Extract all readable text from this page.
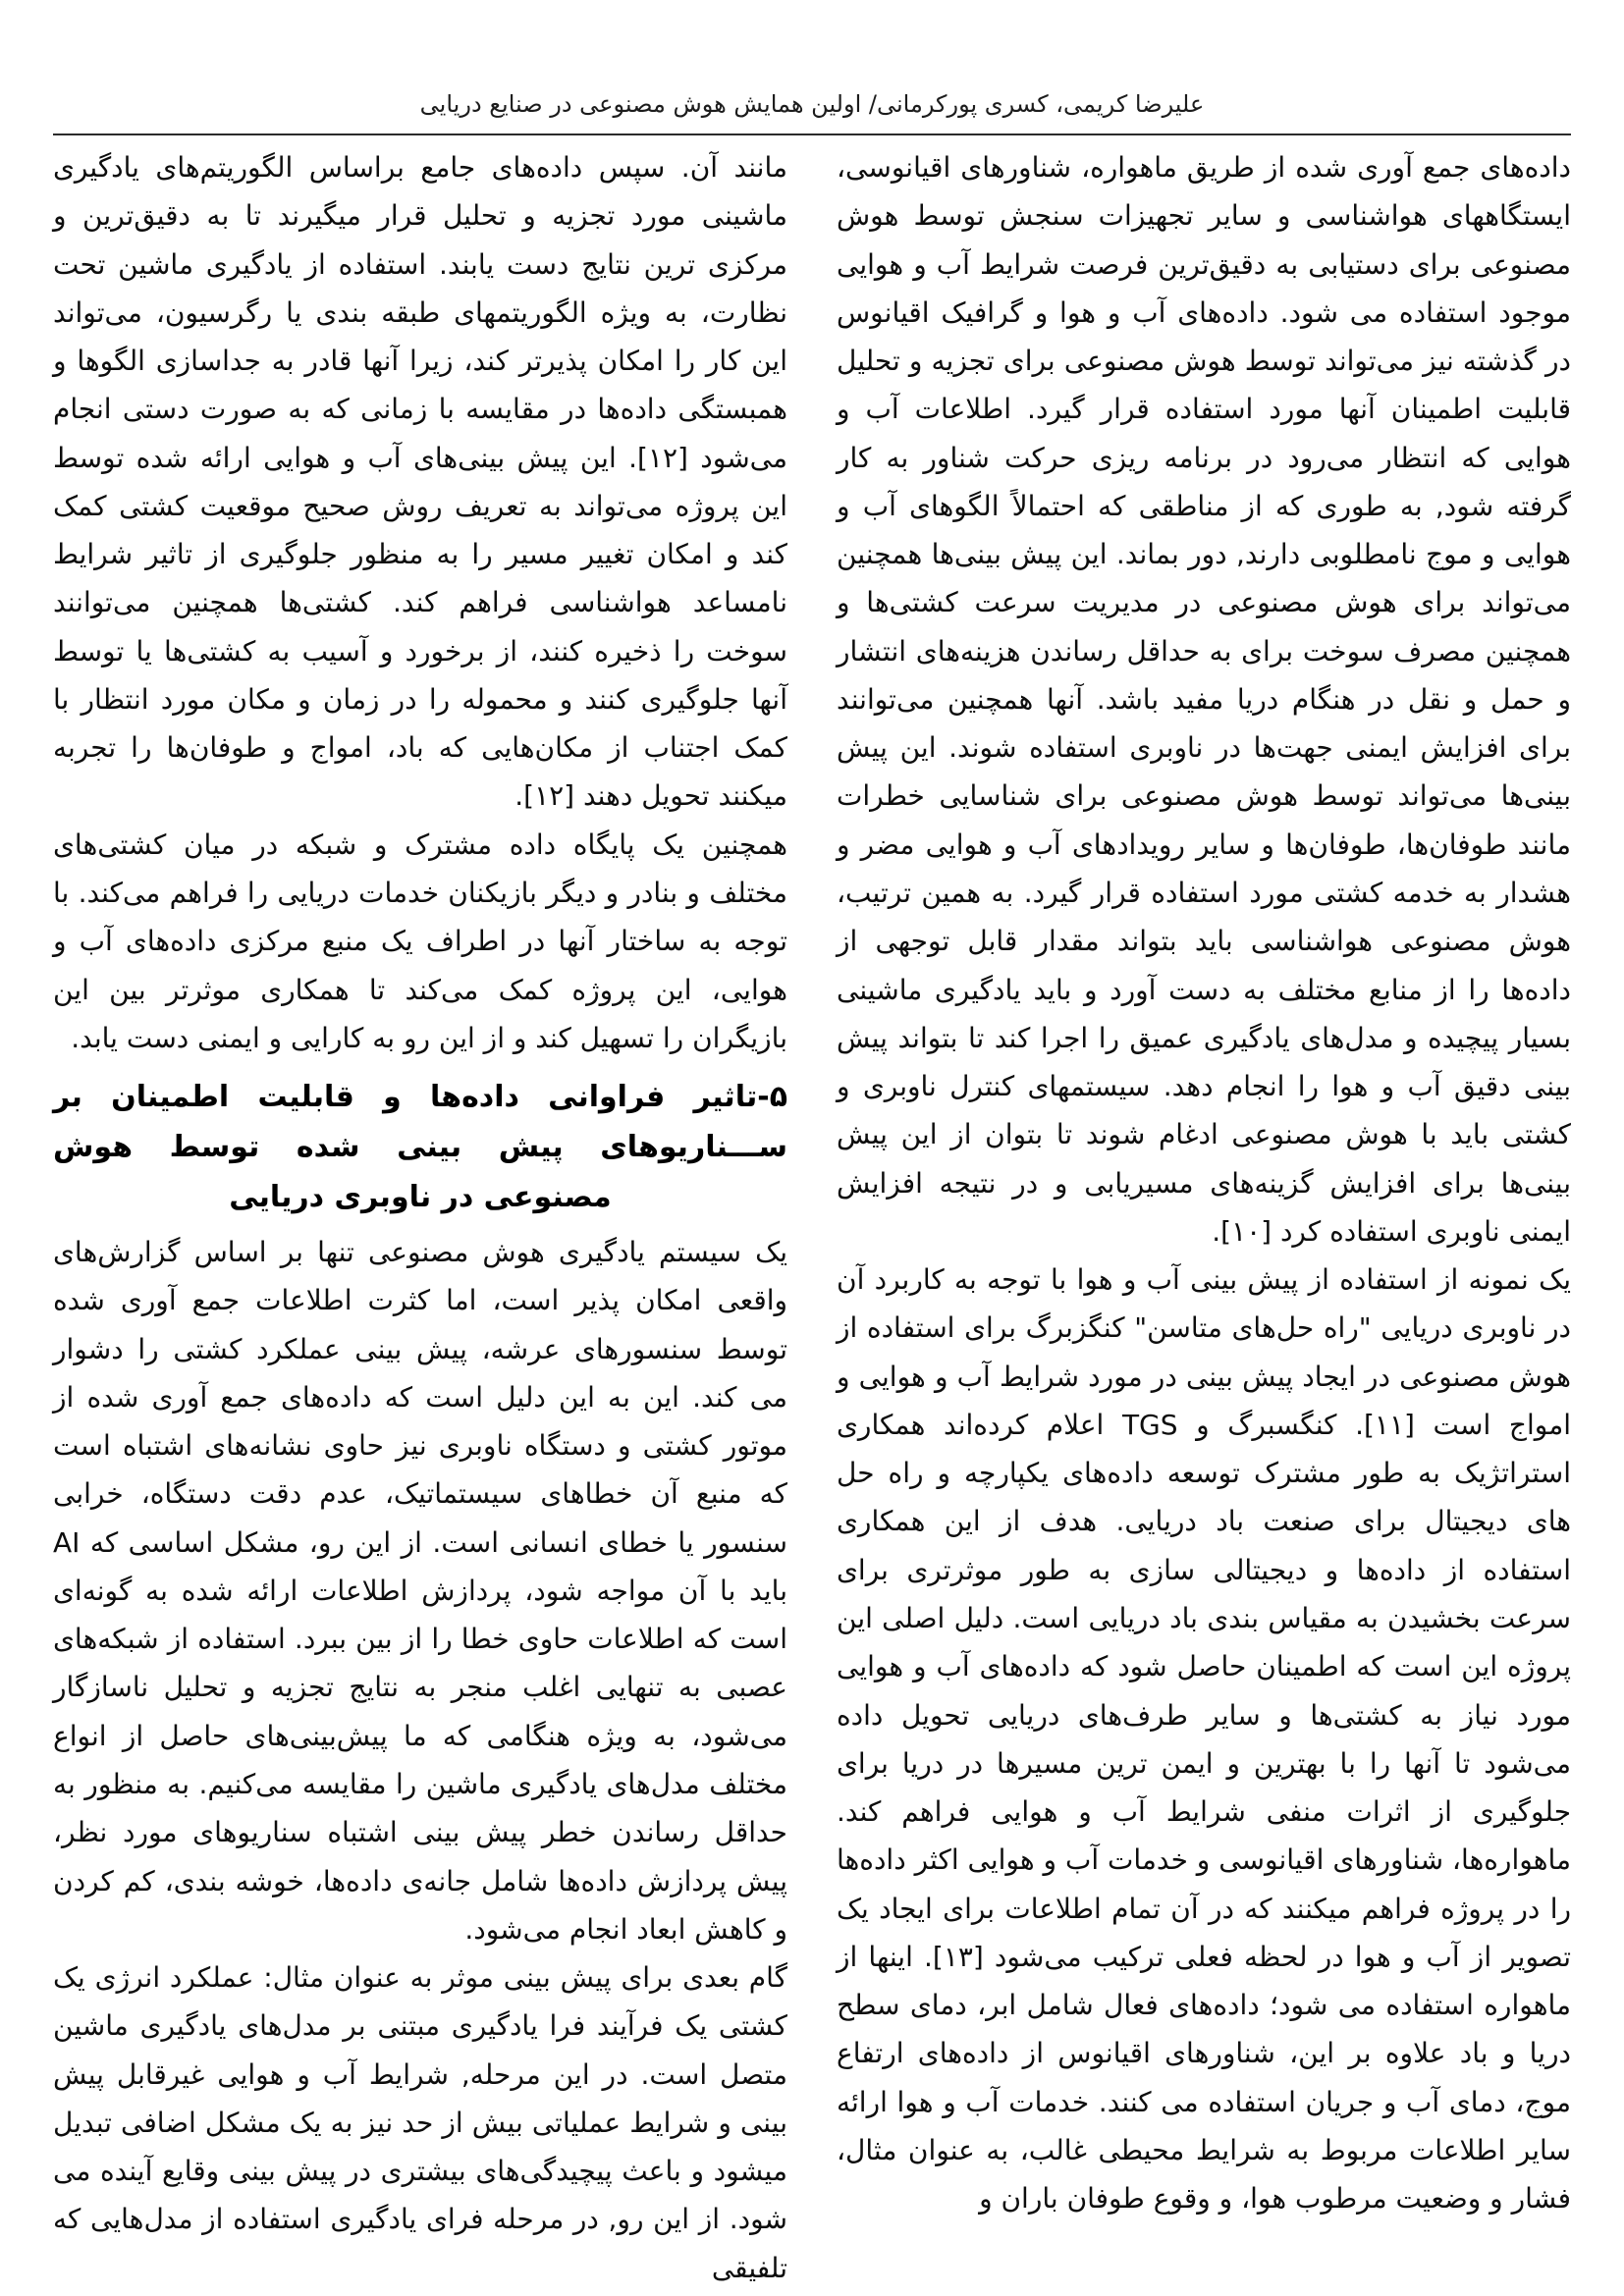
علیرضا کریمی، کسری پورکرمانی/ اولین همایش هوش مصنوعی در صنایع دریایی

داده‌های جمع آوری شده از طریق ماهواره، شناورهای اقیانوسی، ایستگاههای هواشناسی و سایر تجهیزات سنجش توسط هوش مصنوعی برای دستیابی به دقیق‌ترین فرصت شرایط آب و هوایی موجود استفاده می شود. داده‌های آب و هوا و گرافیک اقیانوس در گذشته نیز می‌تواند توسط هوش مصنوعی برای تجزیه و تحلیل قابلیت اطمینان آنها مورد استفاده قرار گیرد. اطلاعات آب و هوایی که انتظار می‌رود در برنامه ریزی حرکت شناور به کار گرفته شود, به طوری که از مناطقی که احتمالاً الگوهای آب و هوایی و موج نامطلوبی دارند, دور بماند. این پیش بینی‌ها همچنین می‌تواند برای هوش مصنوعی در مدیریت سرعت کشتی‌ها و همچنین مصرف سوخت برای به حداقل رساندن هزینه‌های انتشار و حمل و نقل در هنگام دریا مفید باشد. آنها همچنین می‌توانند برای افزایش ایمنی جهت‌ها در ناوبری استفاده شوند. این پیش بینی‌ها می‌تواند توسط هوش مصنوعی برای شناسایی خطرات مانند طوفان‌ها، طوفان‌ها و سایر رویدادهای آب و هوایی مضر و هشدار به خدمه کشتی مورد استفاده قرار گیرد. به همین ترتیب، هوش مصنوعی هواشناسی باید بتواند مقدار قابل توجهی از داده‌ها را از منابع مختلف به دست آورد و باید یادگیری ماشینی بسیار پیچیده و مدل‌های یادگیری عمیق را اجرا کند تا بتواند پیش بینی دقیق آب و هوا را انجام دهد. سیستمهای کنترل ناوبری و کشتی باید با هوش مصنوعی ادغام شوند تا بتوان از این پیش بینی‌ها برای افزایش گزینه‌های مسیریابی و در نتیجه افزایش ایمنی ناوبری استفاده کرد [۱۰].

یک نمونه از استفاده از پیش بینی آب و هوا با توجه به کاربرد آن در ناوبری دریایی "راه حل‌های متاسن" کنگزبرگ برای استفاده از هوش مصنوعی در ایجاد پیش بینی در مورد شرایط آب و هوایی و امواج است [۱۱]. کنگسبرگ و TGS اعلام کرده‌اند همکاری استراتژیک به طور مشترک توسعه داده‌های یکپارچه و راه حل های دیجیتال برای صنعت باد دریایی. هدف از این همکاری استفاده از داده‌ها و دیجیتالی سازی به طور موثرتری برای سرعت بخشیدن به مقیاس بندی باد دریایی است. دلیل اصلی این پروژه این است که اطمینان حاصل شود که داده‌های آب و هوایی مورد نیاز به کشتی‌ها و سایر طرف‌های دریایی تحویل داده می‌شود تا آنها را با بهترین و ایمن ترین مسیرها در دریا برای جلوگیری از اثرات منفی شرایط آب و هوایی فراهم کند. ماهواره‌ها، شناورهای اقیانوسی و خدمات آب و هوایی اکثر داده‌ها را در پروژه فراهم میکنند که در آن تمام اطلاعات برای ایجاد یک تصویر از آب و هوا در لحظه فعلی ترکیب می‌شود [۱۳]. اینها از ماهواره استفاده می شود؛ داده‌های فعال شامل ابر، دمای سطح دریا و باد علاوه بر این، شناورهای اقیانوس از داده‌های ارتفاع موج، دمای آب و جریان استفاده می کنند. خدمات آب و هوا ارائه سایر اطلاعات مربوط به شرایط محیطی غالب، به عنوان مثال، فشار و وضعیت مرطوب هوا، و وقوع طوفان باران و

مانند آن. سپس داده‌های جامع براساس الگوریتم‌های یادگیری ماشینی مورد تجزیه و تحلیل قرار میگیرند تا به دقیق‌ترین و مرکزی ترین نتایج دست یابند. استفاده از یادگیری ماشین تحت نظارت، به ویژه الگوریتمهای طبقه بندی یا رگرسیون، می‌تواند این کار را امکان پذیرتر کند، زیرا آنها قادر به جداسازی الگوها و همبستگی داده‌ها در مقایسه با زمانی که به صورت دستی انجام می‌شود [۱۲]. این پیش بینی‌های آب و هوایی ارائه شده توسط این پروژه می‌تواند به تعریف روش صحیح موقعیت کشتی کمک کند و امکان تغییر مسیر را به منظور جلوگیری از تاثیر شرایط نامساعد هواشناسی فراهم کند. کشتی‌ها همچنین می‌توانند سوخت را ذخیره کنند، از برخورد و آسیب به کشتی‌ها یا توسط آنها جلوگیری کنند و محموله را در زمان و مکان مورد انتظار با کمک اجتناب از مکان‌هایی که باد، امواج و طوفان‌ها را تجربه میکنند تحویل دهند [۱۲].

همچنین یک پایگاه داده مشترک و شبکه در میان کشتی‌های مختلف و بنادر و دیگر بازیکنان خدمات دریایی را فراهم می‌کند. با توجه به ساختار آنها در اطراف یک منبع مرکزی داده‌های آب و هوایی، این پروژه کمک می‌کند تا همکاری موثرتر بین این بازیگران را تسهیل کند و از این رو به کارایی و ایمنی دست یابد.

۵-تاثیر فراوانی داده‌ها و قابلیت اطمینان بر ســـناریوهای پیش بینی شده توسط هوش مصنوعی در ناوبری دریایی

یک سیستم یادگیری هوش مصنوعی تنها بر اساس گزارش‌های واقعی امکان پذیر است، اما کثرت اطلاعات جمع آوری شده توسط سنسورهای عرشه، پیش بینی عملکرد کشتی را دشوار می کند. این به این دلیل است که داده‌های جمع آوری شده از موتور کشتی و دستگاه ناوبری نیز حاوی نشانه‌های اشتباه است که منبع آن خطاهای سیستماتیک، عدم دقت دستگاه، خرابی سنسور یا خطای انسانی است. از این رو، مشکل اساسی که AI باید با آن مواجه شود، پردازش اطلاعات ارائه شده به گونه‌ای است که اطلاعات حاوی خطا را از بین ببرد. استفاده از شبکه‌های عصبی به تنهایی اغلب منجر به نتایج تجزیه و تحلیل ناسازگار می‌شود، به ویژه هنگامی که ما پیش‌بینی‌های حاصل از انواع مختلف مدل‌های یادگیری ماشین را مقایسه می‌کنیم. به منظور به حداقل رساندن خطر پیش بینی اشتباه سناریوهای مورد نظر، پیش پردازش داده‌ها شامل جانه‌ی داده‌ها، خوشه بندی، کم کردن و کاهش ابعاد انجام می‌شود.

گام بعدی برای پیش بینی موثر به عنوان مثال: عملکرد انرژی یک کشتی یک فرآیند فرا یادگیری مبتنی بر مدل‌های یادگیری ماشین متصل است. در این مرحله, شرایط آب و هوایی غیرقابل پیش بینی و شرایط عملیاتی بیش از حد نیز به یک مشکل اضافی تبدیل میشود و باعث پیچیدگی‌های بیشتری در پیش بینی وقایع آینده می شود. از این رو, در مرحله فرای یادگیری استفاده از مدل‌هایی که تلفیقی
